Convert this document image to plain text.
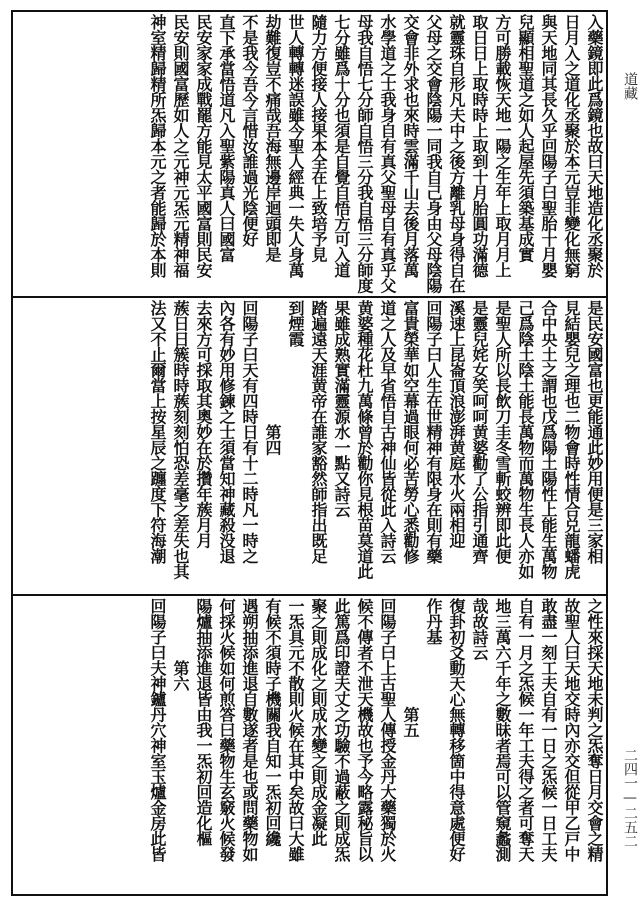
道藏
二四一—二五二
入藥鏡即此爲鏡也故曰天地造化丞聚於
日月入之道化丞聚於本元豈非變化無窮
與天地同其長久乎回陽子曰聖胎十月嬰
兒顯相聖道之如人起屋先須築基成實
方可勝載恢天地一陽之生年上取月月上
取日日上取時時上取到十月胎圓功滿德
就靈珠自形凡夫中之後方離乳母身得自在
父母之交會陰陽一同我自己身由父母陰陽
交會非外求也來時雲滿千山去後月落萬
水學道之士我身自有真父聖母自有真乎父
母我自悟七分師自悟三分我自悟三分師度
七分雖爲十分也須是自覺自悟方可入道
隨力方便接人接果本全在上致培予見
世人轉轉迷誤雖今聖人經典一失人身萬
劫難復豈不痛哉吾海無邊岸迴頭即是
不是我今吾今言惜汝誰過光陰便好
直下承當悟道凡入聖紫陽真人曰國富
民安家家成戰罷方能見太平國富則民安
民安則國富歷如人之元神元炁元精神福
神室精歸精所炁歸本元之者能歸於本則
是民安國富也更能通此妙用便是三家相
見結嬰兒之理也二物會時性情合兑龍蟠虎
合中央土之謂也戊爲陽土陽性上能生萬物
己爲陰土陰土能長萬物而萬物生長人亦如
是聖人所以長飲刀圭冬雪斬蛟辨即此便
是靈兒姹女笑呵呵黄婆勸了公指引通齊
溪速上昆崙頂浪澎湃黄庭水火兩相迎
回陽子曰人生在世精神有限身在則有藥
富貴榮華如空幕過眼何必苦勞心悉勸修
道之人及早省悟自古神仙皆從此入詩云
黄婆種花杜九萬條曾於勸你見根苗莫道此
果雖成熟實滿靈源水一點又詩云
踏遍遠天涯黄帝在誰家豁然師指出既足
到煙霞
　　　　　　　　第四
回陽子曰天有四時日有十二時凡一時之
內各有妙用修鍊之士須當知神藏殺没退
去來方可採取其奧妙在於攢年蔟月月
蔟日日簇時時蔟刻刻怕恐差毫之差失也其
法又不止爾當上按星辰之躔度下符海潮
之性來採天地未判之炁奪日月交會之精
故聖人曰天地交時內亦交但從甲乙戸中
敢盡一刻工夫自有一日之炁候一日工夫
自有一月之炁候一年工夫得之者可奪天
地三萬六千年之數昧者焉可以管窺蠡測
哉故詩云
復卦初爻動天心無轉移箇中得意處便好
作丹基
　　　　　　　第五
回陽子曰上古聖人傳授金丹大藥獨於火
候不傳者不泄天機故也予今略露秘旨以
此篤爲印證夫丈之功驗不過蔽之則成炁
聚之則成化之則成水變之則成金凝此
一炁具元不散則火候在其中矣故曰大雖
有候不須時子機關我自知一炁初回纔
遇朔抽添進退自數遂者是也或問藥物如
何採火候如何煎答曰藥物生玄竅火候發
陽爐抽添進退皆由我一炁初回造化樞
　　　　第六
回陽子曰夫神鑪丹穴神室玉爐金房此皆
